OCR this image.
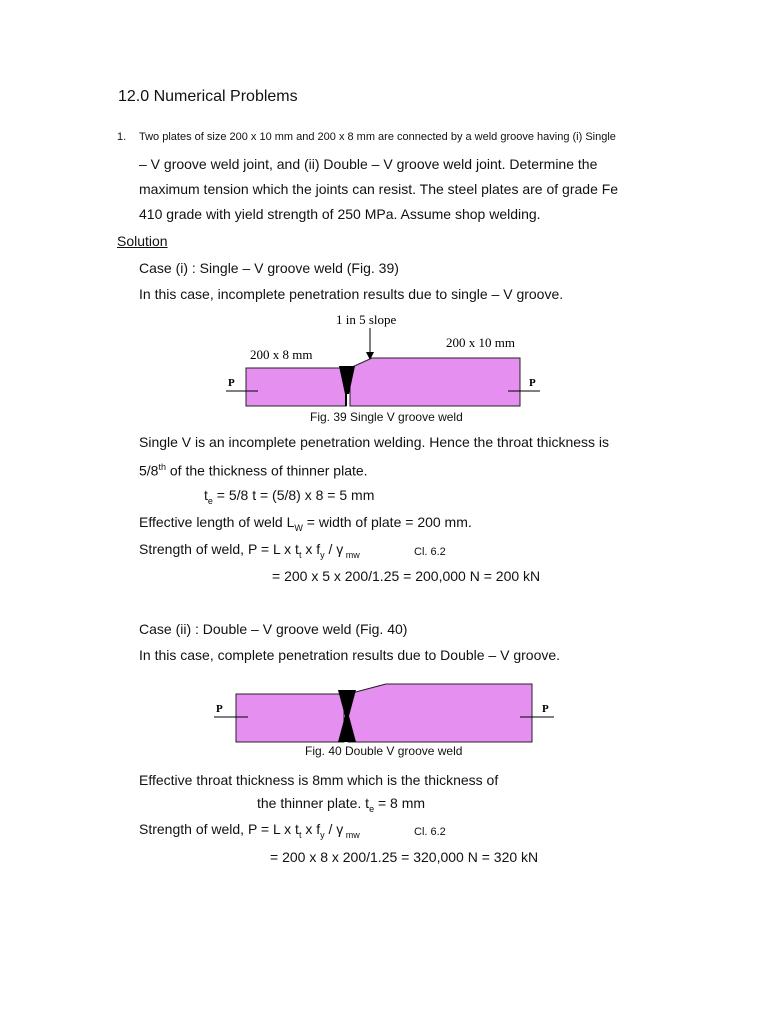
12.0 Numerical Problems
1. Two plates of size 200 x 10 mm and 200 x 8 mm are connected by a weld groove having (i) Single
– V groove weld joint, and (ii) Double – V groove weld joint. Determine the
maximum tension which the joints can resist. The steel plates are of grade Fe
410 grade with yield strength of 250 MPa. Assume shop welding.
Solution
Case (i) : Single – V groove weld (Fig. 39)
In this case, incomplete penetration results due to single – V groove.
1 in 5 slope
200 x 8 mm
200 x 10 mm
P	P
P	P
Fig. 39 Single V groove weld
Single V is an incomplete penetration welding. Hence the throat thickness is
5/8th of the thickness of thinner plate.
$t_e = 5/8$ t = (5/8) x 8 = 5 mm
Effective length of weld $L_W$ = width of plate = 200 mm.
Strength of weld, P = L x $t_t$ x $f_y$ / γ $_{mw}$	Cl. 6.2
= 200 x 5 x 200/1.25 = 200,000 N = 200 kN
Case (ii) : Double – V groove weld (Fig. 40)
In this case, complete penetration results due to Double – V groove.
Fig. 40 Double V groove weld
Effective throat thickness is 8mm which is the thickness of
the thinner plate. $t_e = 8$ mm
Strength of weld, P = L x $t_t$ x $f_y$ / γ $_{mw}$	Cl. 6.2
= 200 x 8 x 200/1.25 = 320,000 N = 320 kN
